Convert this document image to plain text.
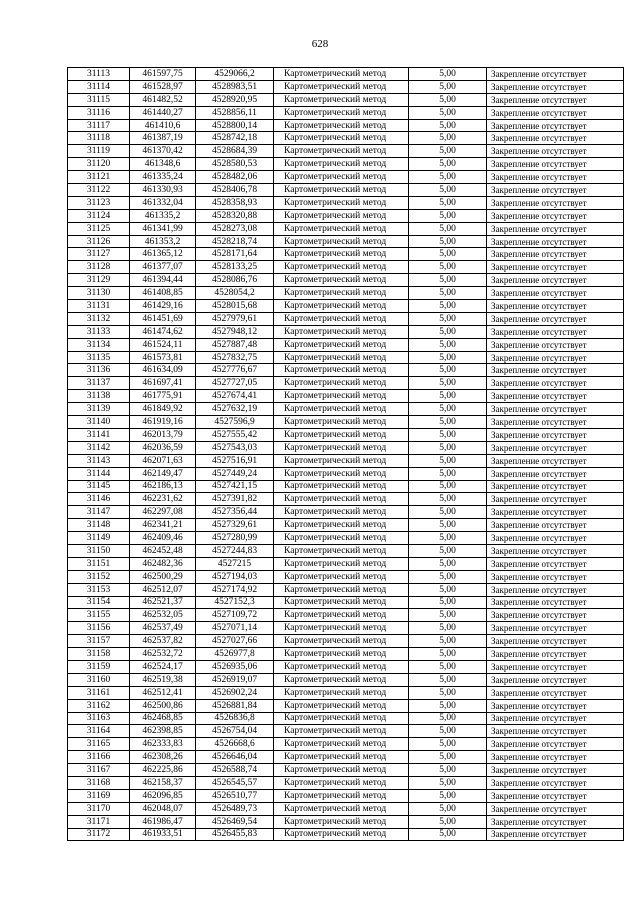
628
31113	461597,75	4529066,2	Картометрический метод	5,00	Закрепление отсутствует
31114	461528,97	4528983,51	Картометрический метод	5,00	Закрепление отсутствует
31115	461482,52	4528920,95	Картометрический метод	5,00	Закрепление отсутствует
31116	461440,27	4528856,11	Картометрический метод	5,00	Закрепление отсутствует
31117	461410,6	4528800,14	Картометрический метод	5,00	Закрепление отсутствует
31118	461387,19	4528742,18	Картометрический метод	5,00	Закрепление отсутствует
31119	461370,42	4528684,39	Картометрический метод	5,00	Закрепление отсутствует
31120	461348,6	4528580,53	Картометрический метод	5,00	Закрепление отсутствует
31121	461335,24	4528482,06	Картометрический метод	5,00	Закрепление отсутствует
31122	461330,93	4528406,78	Картометрический метод	5,00	Закрепление отсутствует
31123	461332,04	4528358,93	Картометрический метод	5,00	Закрепление отсутствует
31124	461335,2	4528320,88	Картометрический метод	5,00	Закрепление отсутствует
31125	461341,99	4528273,08	Картометрический метод	5,00	Закрепление отсутствует
31126	461353,2	4528218,74	Картометрический метод	5,00	Закрепление отсутствует
31127	461365,12	4528171,64	Картометрический метод	5,00	Закрепление отсутствует
31128	461377,07	4528133,25	Картометрический метод	5,00	Закрепление отсутствует
31129	461394,44	4528086,76	Картометрический метод	5,00	Закрепление отсутствует
31130	461408,85	4528054,2	Картометрический метод	5,00	Закрепление отсутствует
31131	461429,16	4528015,68	Картометрический метод	5,00	Закрепление отсутствует
31132	461451,69	4527979,61	Картометрический метод	5,00	Закрепление отсутствует
31133	461474,62	4527948,12	Картометрический метод	5,00	Закрепление отсутствует
31134	461524,11	4527887,48	Картометрический метод	5,00	Закрепление отсутствует
31135	461573,81	4527832,75	Картометрический метод	5,00	Закрепление отсутствует
31136	461634,09	4527776,67	Картометрический метод	5,00	Закрепление отсутствует
31137	461697,41	4527727,05	Картометрический метод	5,00	Закрепление отсутствует
31138	461775,91	4527674,41	Картометрический метод	5,00	Закрепление отсутствует
31139	461849,92	4527632,19	Картометрический метод	5,00	Закрепление отсутствует
31140	461919,16	4527596,9	Картометрический метод	5,00	Закрепление отсутствует
31141	462013,79	4527555,42	Картометрический метод	5,00	Закрепление отсутствует
31142	462036,59	4527543,03	Картометрический метод	5,00	Закрепление отсутствует
31143	462071,63	4527516,91	Картометрический метод	5,00	Закрепление отсутствует
31144	462149,47	4527449,24	Картометрический метод	5,00	Закрепление отсутствует
31145	462186,13	4527421,15	Картометрический метод	5,00	Закрепление отсутствует
31146	462231,62	4527391,82	Картометрический метод	5,00	Закрепление отсутствует
31147	462297,08	4527356,44	Картометрический метод	5,00	Закрепление отсутствует
31148	462341,21	4527329,61	Картометрический метод	5,00	Закрепление отсутствует
31149	462409,46	4527280,99	Картометрический метод	5,00	Закрепление отсутствует
31150	462452,48	4527244,83	Картометрический метод	5,00	Закрепление отсутствует
31151	462482,36	4527215	Картометрический метод	5,00	Закрепление отсутствует
31152	462500,29	4527194,03	Картометрический метод	5,00	Закрепление отсутствует
31153	462512,07	4527174,92	Картометрический метод	5,00	Закрепление отсутствует
31154	462521,37	4527152,3	Картометрический метод	5,00	Закрепление отсутствует
31155	462532,05	4527109,72	Картометрический метод	5,00	Закрепление отсутствует
31156	462537,49	4527071,14	Картометрический метод	5,00	Закрепление отсутствует
31157	462537,82	4527027,66	Картометрический метод	5,00	Закрепление отсутствует
31158	462532,72	4526977,8	Картометрический метод	5,00	Закрепление отсутствует
31159	462524,17	4526935,06	Картометрический метод	5,00	Закрепление отсутствует
31160	462519,38	4526919,07	Картометрический метод	5,00	Закрепление отсутствует
31161	462512,41	4526902,24	Картометрический метод	5,00	Закрепление отсутствует
31162	462500,86	4526881,84	Картометрический метод	5,00	Закрепление отсутствует
31163	462468,85	4526836,8	Картометрический метод	5,00	Закрепление отсутствует
31164	462398,85	4526754,04	Картометрический метод	5,00	Закрепление отсутствует
31165	462333,83	4526668,6	Картометрический метод	5,00	Закрепление отсутствует
31166	462308,26	4526646,04	Картометрический метод	5,00	Закрепление отсутствует
31167	462225,86	4526588,74	Картометрический метод	5,00	Закрепление отсутствует
31168	462158,37	4526545,57	Картометрический метод	5,00	Закрепление отсутствует
31169	462096,85	4526510,77	Картометрический метод	5,00	Закрепление отсутствует
31170	462048,07	4526489,73	Картометрический метод	5,00	Закрепление отсутствует
31171	461986,47	4526469,54	Картометрический метод	5,00	Закрепление отсутствует
31172	461933,51	4526455,83	Картометрический метод	5,00	Закрепление отсутствует
